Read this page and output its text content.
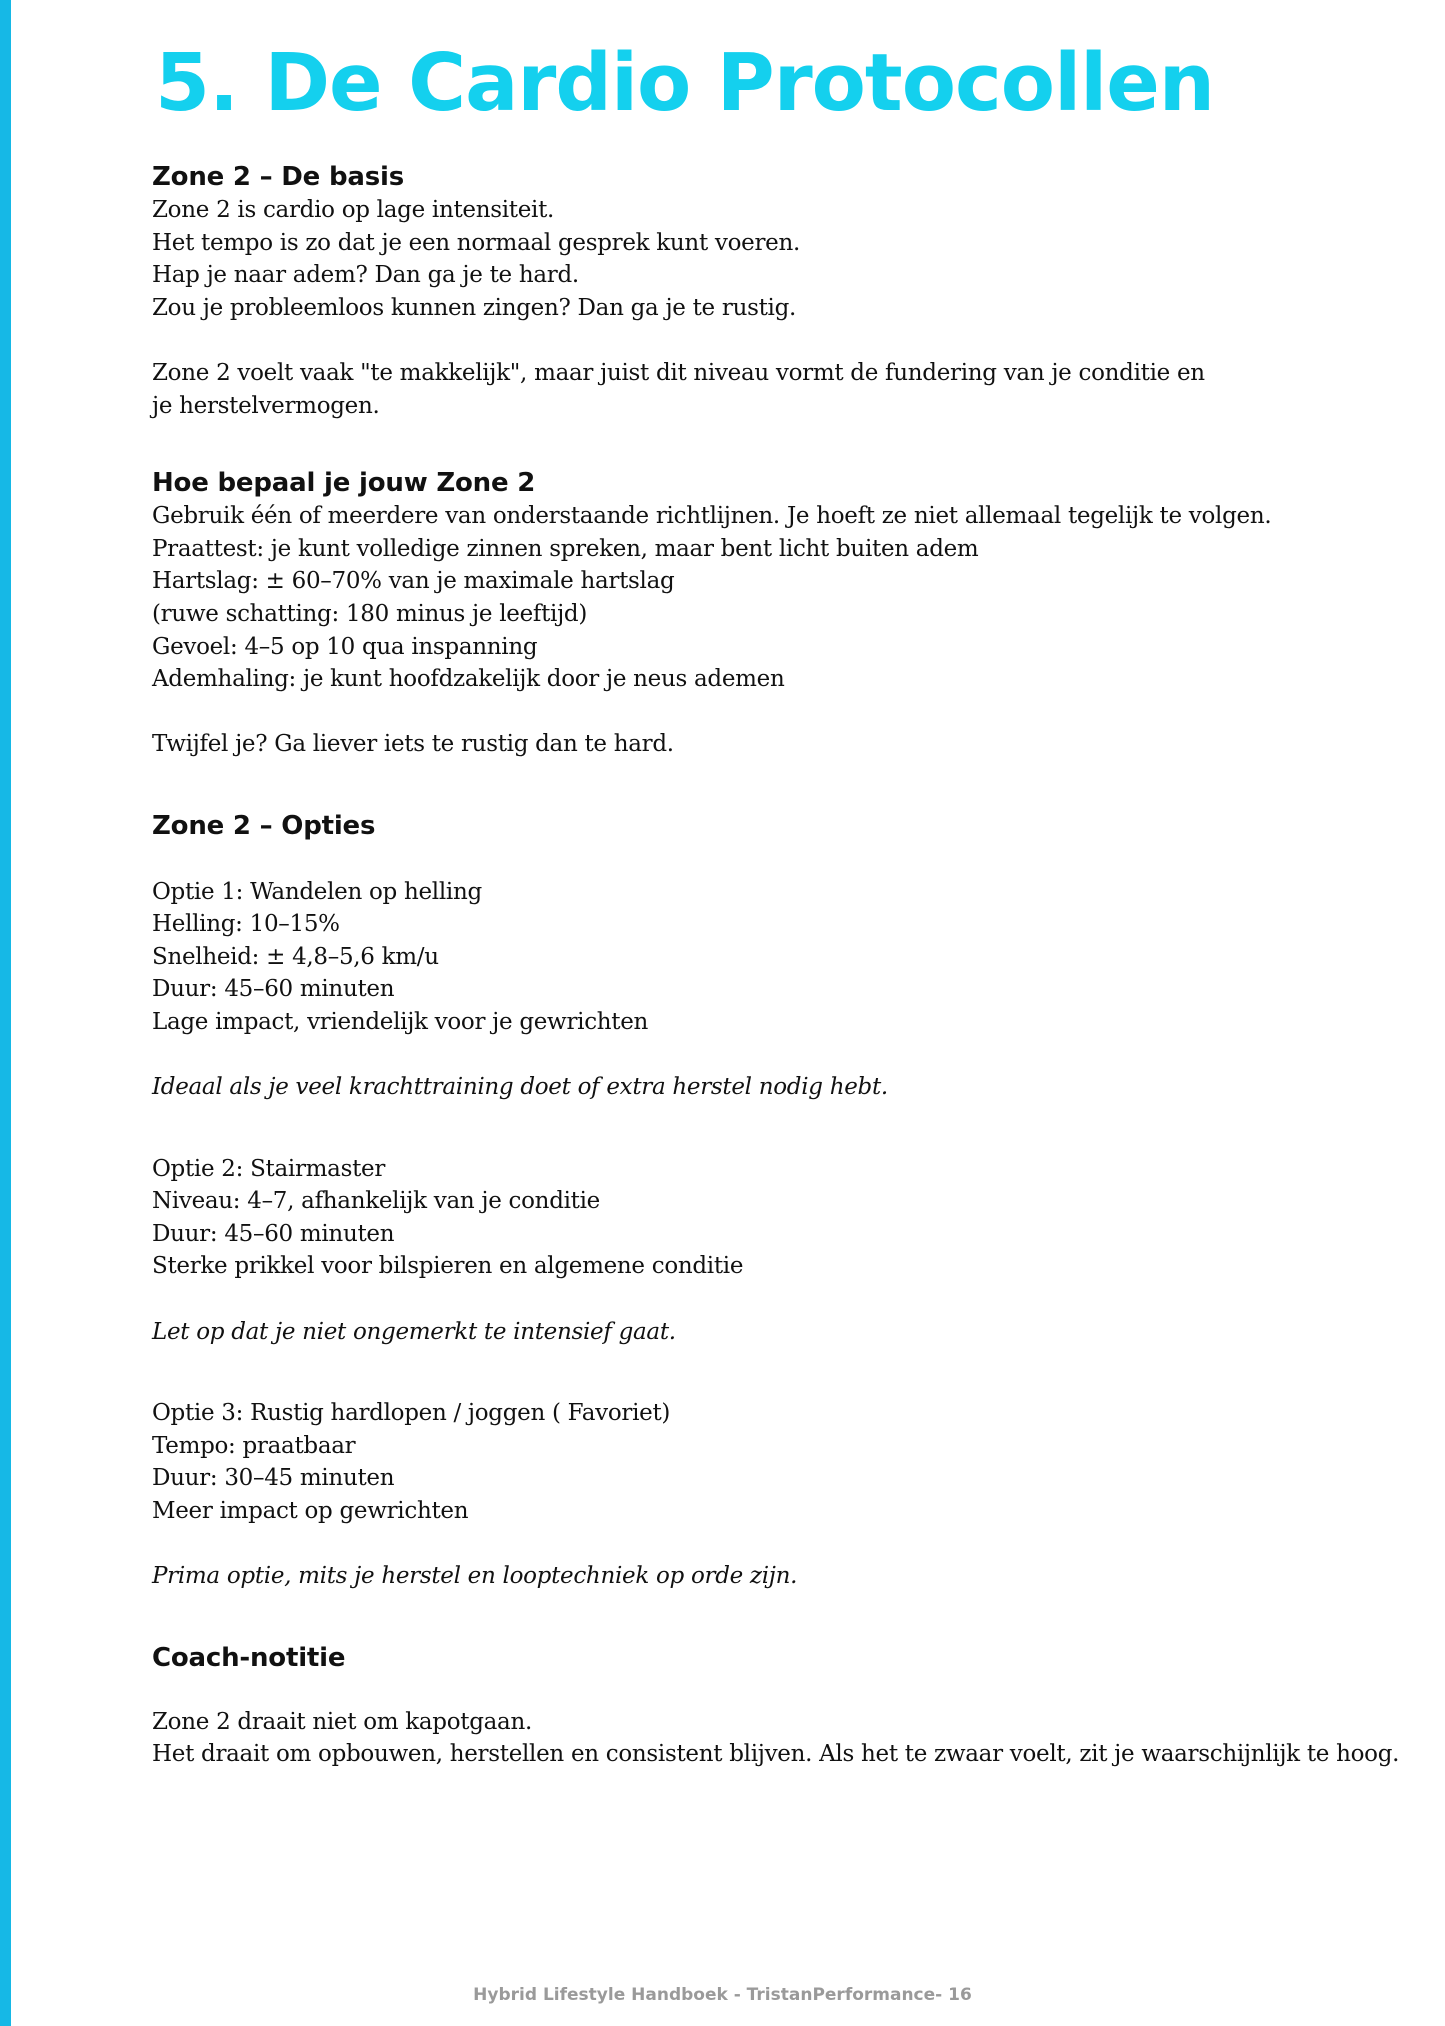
5. De Cardio Protocollen
Zone 2 – De basis
Zone 2 is cardio op lage intensiteit.
Het tempo is zo dat je een normaal gesprek kunt voeren.
Hap je naar adem? Dan ga je te hard.
Zou je probleemloos kunnen zingen? Dan ga je te rustig.
Zone 2 voelt vaak "te makkelijk", maar juist dit niveau vormt de fundering van je conditie en
je herstelvermogen.
Hoe bepaal je jouw Zone 2
Gebruik één of meerdere van onderstaande richtlijnen. Je hoeft ze niet allemaal tegelijk te volgen.
Praattest: je kunt volledige zinnen spreken, maar bent licht buiten adem
Hartslag: ± 60–70% van je maximale hartslag
(ruwe schatting: 180 minus je leeftijd)
Gevoel: 4–5 op 10 qua inspanning
Ademhaling: je kunt hoofdzakelijk door je neus ademen
Twijfel je? Ga liever iets te rustig dan te hard.
Zone 2 – Opties
Optie 1: Wandelen op helling
Helling: 10–15%
Snelheid: ± 4,8–5,6 km/u
Duur: 45–60 minuten
Lage impact, vriendelijk voor je gewrichten
Ideaal als je veel krachttraining doet of extra herstel nodig hebt.
Optie 2: Stairmaster
Niveau: 4–7, afhankelijk van je conditie
Duur: 45–60 minuten
Sterke prikkel voor bilspieren en algemene conditie
Let op dat je niet ongemerkt te intensief gaat.
Optie 3: Rustig hardlopen / joggen ( Favoriet)
Tempo: praatbaar
Duur: 30–45 minuten
Meer impact op gewrichten
Prima optie, mits je herstel en looptechniek op orde zijn.
Coach-notitie
Zone 2 draait niet om kapotgaan.
Het draait om opbouwen, herstellen en consistent blijven. Als het te zwaar voelt, zit je waarschijnlijk te hoog.
Hybrid Lifestyle Handboek - TristanPerformance- 16
